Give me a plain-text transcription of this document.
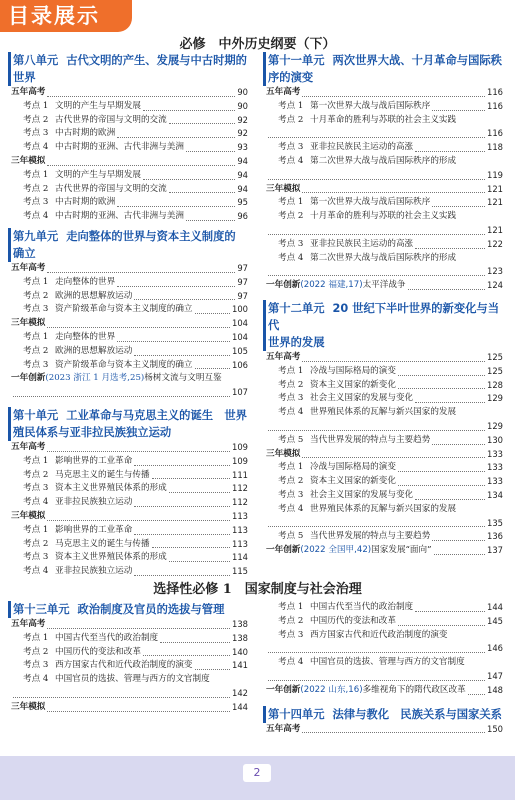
目录展示
必修　中外历史纲要（下）
第八单元 古代文明的产生、发展与中古时期的
世界
五年高考	90
考点 1 文明的产生与早期发展	90
考点 2 古代世界的帝国与文明的交流	92
考点 3 中古时期的欧洲	92
考点 4 中古时期的亚洲、古代非洲与美洲	93
三年模拟	94
考点 1 文明的产生与早期发展	94
考点 2 古代世界的帝国与文明的交流	94
考点 3 中古时期的欧洲	95
考点 4 中古时期的亚洲、古代非洲与美洲	96
第九单元 走向整体的世界与资本主义制度的
确立
五年高考	97
考点 1 走向整体的世界	97
考点 2 欧洲的思想解放运动	97
考点 3 资产阶级革命与资本主义制度的确立	100
三年模拟	104
考点 1 走向整体的世界	104
考点 2 欧洲的思想解放运动	105
考点 3 资产阶级革命与资本主义制度的确立	106
一年创新(2023 浙江 1 月选考,25)杨树文流与文明互鉴
107
第十单元 工业革命与马克思主义的诞生　世界
殖民体系与亚非拉民族独立运动
五年高考	109
考点 1 影响世界的工业革命	109
考点 2 马克思主义的诞生与传播	111
考点 3 资本主义世界殖民体系的形成	112
考点 4 亚非拉民族独立运动	112
三年模拟	113
考点 1 影响世界的工业革命	113
考点 2 马克思主义的诞生与传播	113
考点 3 资本主义世界殖民体系的形成	114
考点 4 亚非拉民族独立运动	115
第十一单元 两次世界大战、十月革命与国际秩
序的演变
五年高考	116
考点 1 第一次世界大战与战后国际秩序	116
考点 2 十月革命的胜利与苏联的社会主义实践
116
考点 3 亚非拉民族民主运动的高涨	118
考点 4 第二次世界大战与战后国际秩序的形成
119
三年模拟	121
考点 1 第一次世界大战与战后国际秩序	121
考点 2 十月革命的胜利与苏联的社会主义实践
121
考点 3 亚非拉民族民主运动的高涨	122
考点 4 第二次世界大战与战后国际秩序的形成
123
一年创新(2022 福建,17)太平洋战争	124
第十二单元 20 世纪下半叶世界的新变化与当代
世界的发展
五年高考	125
考点 1 冷战与国际格局的演变	125
考点 2 资本主义国家的新变化	128
考点 3 社会主义国家的发展与变化	129
考点 4 世界殖民体系的瓦解与新兴国家的发展
129
考点 5 当代世界发展的特点与主要趋势	130
三年模拟	133
考点 1 冷战与国际格局的演变	133
考点 2 资本主义国家的新变化	133
考点 3 社会主义国家的发展与变化	134
考点 4 世界殖民体系的瓦解与新兴国家的发展
135
考点 5 当代世界发展的特点与主要趋势	136
一年创新(2022 全国甲,42)国家发展“面向”	137
选择性必修 1　国家制度与社会治理
第十三单元 政治制度及官员的选拔与管理
五年高考	138
考点 1 中国古代至当代的政治制度	138
考点 2 中国历代的变法和改革	140
考点 3 西方国家古代和近代政治制度的演变	141
考点 4 中国官员的选拔、管理与西方的文官制度
142
三年模拟	144
考点 1 中国古代至当代的政治制度	144
考点 2 中国历代的变法和改革	145
考点 3 西方国家古代和近代政治制度的演变
146
考点 4 中国官员的选拔、管理与西方的文官制度
147
一年创新(2022 山东,16)多维视角下的隋代政区改革	148
第十四单元 法律与教化　民族关系与国家关系
五年高考	150
2
